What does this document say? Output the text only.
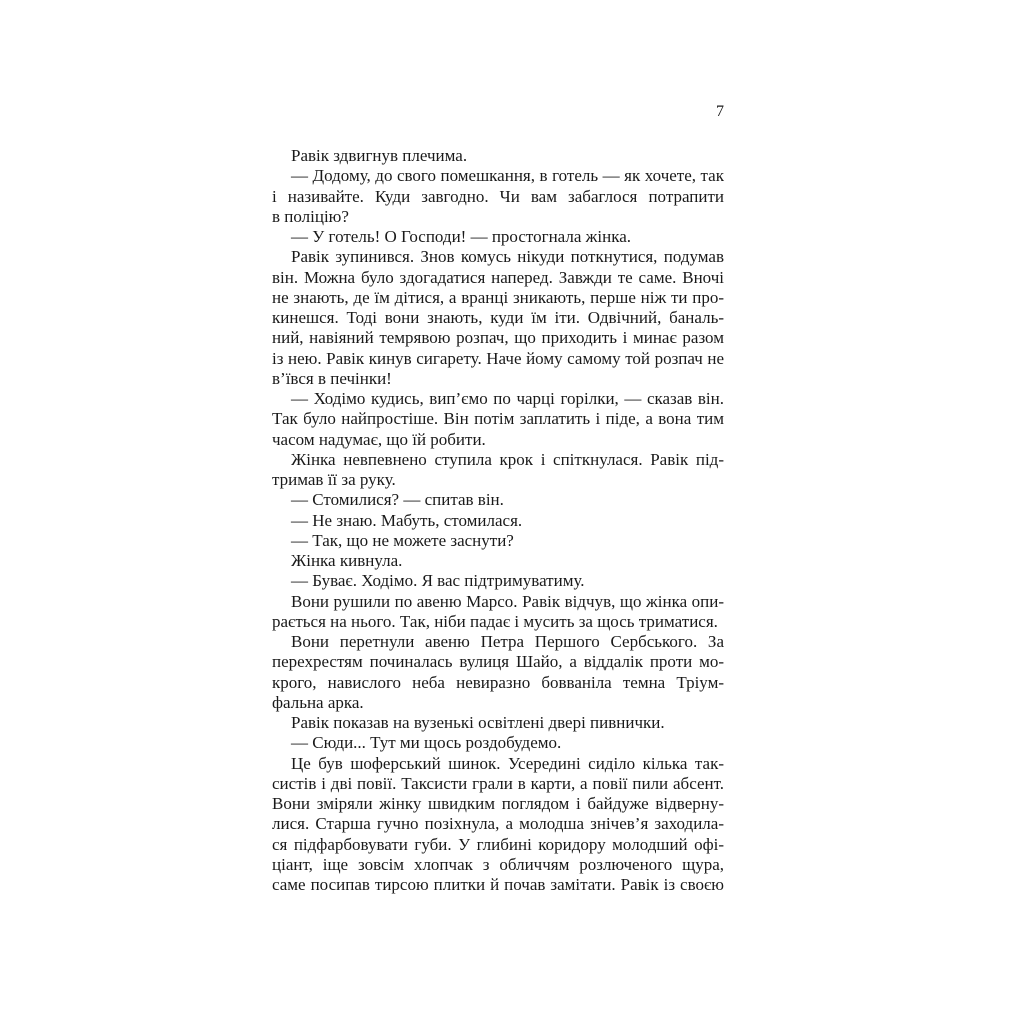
7
Равік здвигнув плечима.
— Додому, до свого помешкання, в готель — як хочете, так
і називайте. Куди завгодно. Чи вам забаглося потрапити
в поліцію?
— У готель! О Господи! — простогнала жінка.
Равік зупинився. Знов комусь нікуди поткнутися, подумав
він. Можна було здогадатися наперед. Завжди те саме. Вночі
не знають, де їм дітися, а вранці зникають, перше ніж ти про-
кинешся. Тоді вони знають, куди їм іти. Одвічний, баналь-
ний, навіяний темрявою розпач, що приходить і минає разом
із нею. Равік кинув сигарету. Наче йому самому той розпач не
в’ївся в печінки!
— Ходімо кудись, вип’ємо по чарці горілки, — сказав він.
Так було найпростіше. Він потім заплатить і піде, а вона тим
часом надумає, що їй робити.
Жінка невпевнено ступила крок і спіткнулася. Равік під-
тримав її за руку.
— Стомилися? — спитав він.
— Не знаю. Мабуть, стомилася.
— Так, що не можете заснути?
Жінка кивнула.
— Буває. Ходімо. Я вас підтримуватиму.
Вони рушили по авеню Марсо. Равік відчув, що жінка опи-
рається на нього. Так, ніби падає і мусить за щось триматися.
Вони перетнули авеню Петра Першого Сербського. За
перехрестям починалась вулиця Шайо, а віддалік проти мо-
крого, навислого неба невиразно бовваніла темна Тріум-
фальна арка.
Равік показав на вузенькі освітлені двері пивнички.
— Сюди... Тут ми щось роздобудемо.
Це був шоферський шинок. Усередині сиділо кілька так-
систів і дві повії. Таксисти грали в карти, а повії пили абсент.
Вони зміряли жінку швидким поглядом і байдуже відверну-
лися. Старша гучно позіхнула, а молодша знічев’я заходила-
ся підфарбовувати губи. У глибині коридору молодший офі-
ціант, іще зовсім хлопчак з обличчям розлюченого щура,
саме посипав тирсою плитки й почав замітати. Равік із своєю
